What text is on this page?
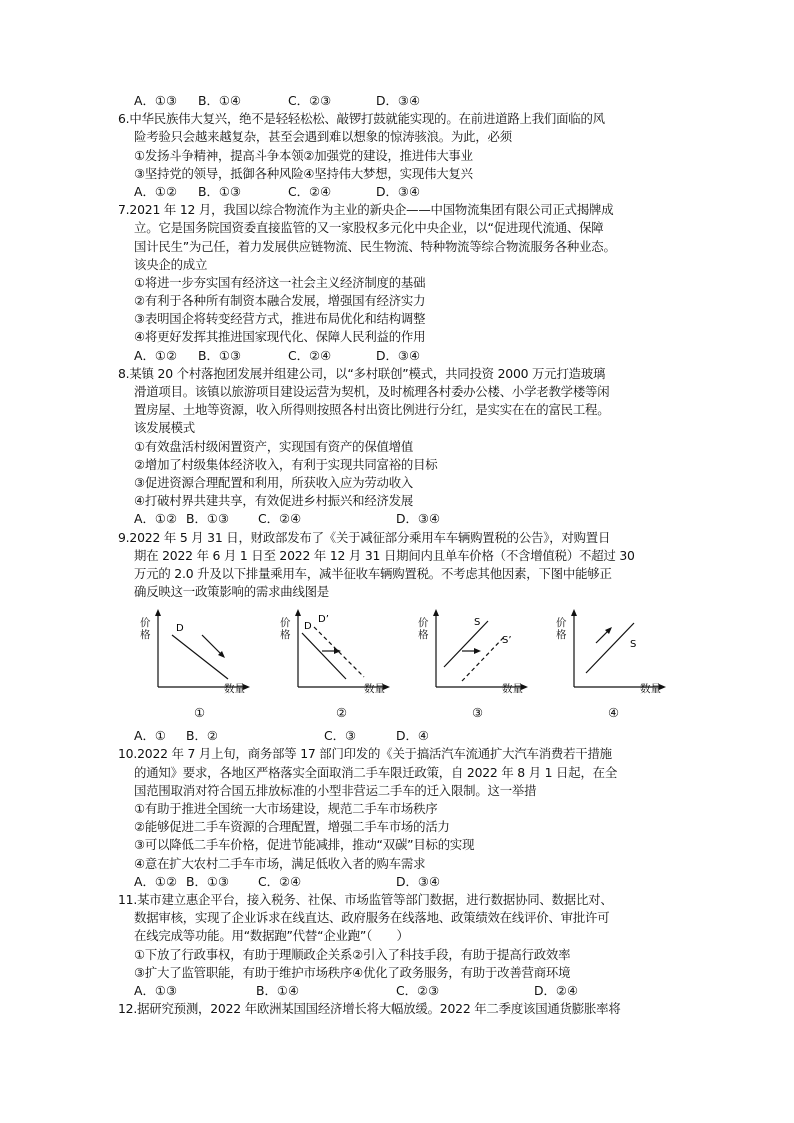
A．①③	B．①④	C．②③	D．③④
6.中华民族伟大复兴，绝不是轻轻松松、敲锣打鼓就能实现的。在前进道路上我们面临的风
险考验只会越来越复杂，甚至会遇到难以想象的惊涛骇浪。为此，必须
①发扬斗争精神，提高斗争本领②加强党的建设，推进伟大事业
③坚持党的领导，抵御各种风险④坚持伟大梦想，实现伟大复兴
A．①②	B．①③	C．②④	D．③④
7.2021 年 12 月，我国以综合物流作为主业的新央企——中国物流集团有限公司正式揭牌成
立。它是国务院国资委直接监管的又一家股权多元化中央企业，以“促进现代流通、保障
国计民生”为己任，着力发展供应链物流、民生物流、特种物流等综合物流服务各种业态。
该央企的成立
①将进一步夯实国有经济这一社会主义经济制度的基础
②有利于各种所有制资本融合发展，增强国有经济实力
③表明国企将转变经营方式，推进布局优化和结构调整
④将更好发挥其推进国家现代化、保障人民利益的作用
A．①②	B．①③	C．②④	D．③④
8.某镇 20 个村落抱团发展并组建公司，以“多村联创”模式，共同投资 2000 万元打造玻璃
滑道项目。该镇以旅游项目建设运营为契机，及时梳理各村委办公楼、小学老教学楼等闲
置房屋、土地等资源，收入所得则按照各村出资比例进行分红，是实实在在的富民工程。
该发展模式
①有效盘活村级闲置资产，实现国有资产的保值增值
②增加了村级集体经济收入，有利于实现共同富裕的目标
③促进资源合理配置和利用，所获收入应为劳动收入
④打破村界共建共享，有效促进乡村振兴和经济发展
A．①② B．①③	C．②④	D．③④
9.2022 年 5 月 31 日，财政部发布了《关于减征部分乘用车车辆购置税的公告》，对购置日
期在 2022 年 6 月 1 日至 2022 年 12 月 31 日期间内且单车价格（不含增值税）不超过 30
万元的 2.0 升及以下排量乘用车，减半征收车辆购置税。不考虑其他因素，下图中能够正
确反映这一政策影响的需求曲线图是
D	D
D’	S
S’	S
价格
价格
价格
价格
数量	数量	数量	数量
①	②	③	④
A．①	B．②	C．③	D．④
10.2022 年 7 月上旬，商务部等 17 部门印发的《关于搞活汽车流通扩大汽车消费若干措施
的通知》要求，各地区严格落实全面取消二手车限迁政策，自 2022 年 8 月 1 日起，在全
国范围取消对符合国五排放标准的小型非营运二手车的迁入限制。这一举措
①有助于推进全国统一大市场建设，规范二手车市场秩序
②能够促进二手车资源的合理配置，增强二手车市场的活力
③可以降低二手车价格，促进节能减排，推动“双碳”目标的实现
④意在扩大农村二手车市场，满足低收入者的购车需求
A．①② B．①③	C．②④	D．③④
11.某市建立惠企平台，接入税务、社保、市场监管等部门数据，进行数据协同、数据比对、
数据审核，实现了企业诉求在线直达、政府服务在线落地、政策绩效在线评价、审批许可
在线完成等功能。用“数据跑”代替“企业跑”（　　）
①下放了行政事权，有助于理顺政企关系②引入了科技手段，有助于提高行政效率
③扩大了监管职能，有助于维护市场秩序④优化了政务服务，有助于改善营商环境
A．①③	B．①④	C．②③	D．②④
12.据研究预测，2022 年欧洲某国国经济增长将大幅放缓。2022 年二季度该国通货膨胀率将
